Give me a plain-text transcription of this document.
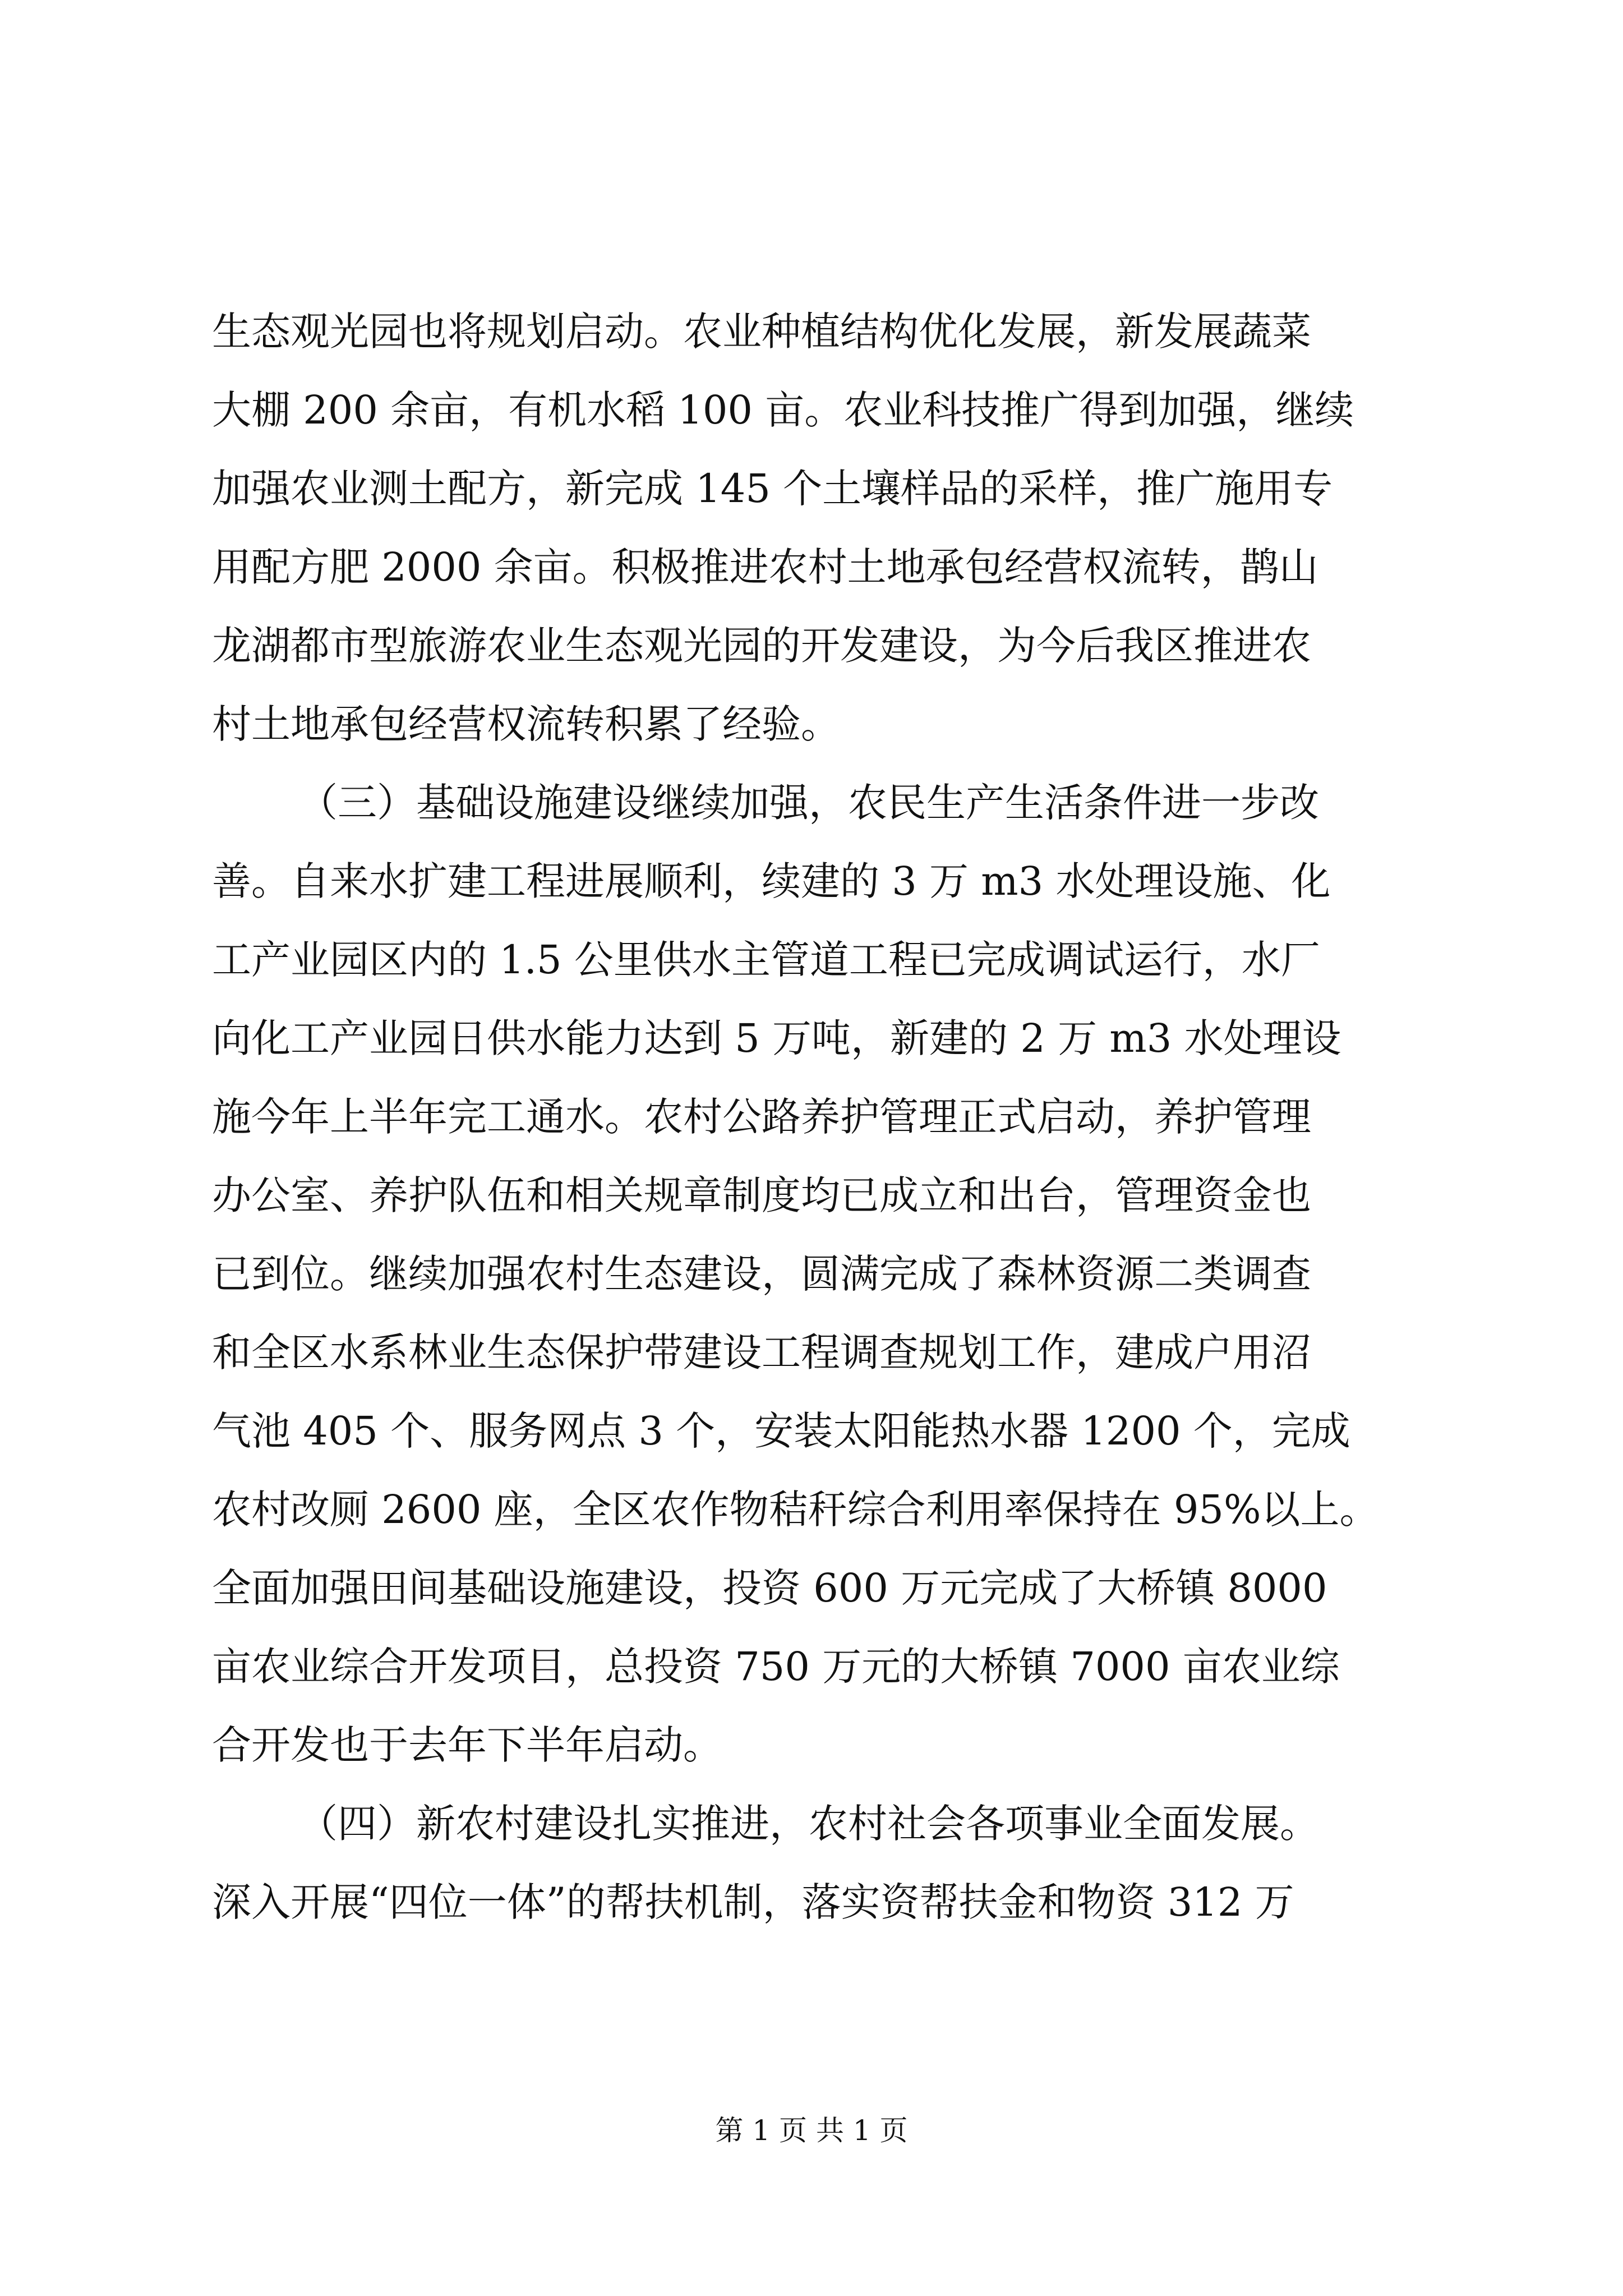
生态观光园也将规划启动。农业种植结构优化发展，新发展蔬菜
大棚 200 余亩，有机水稻 100 亩。农业科技推广得到加强，继续
加强农业测土配方，新完成 145 个土壤样品的采样，推广施用专
用配方肥 2000 余亩。积极推进农村土地承包经营权流转，鹊山
龙湖都市型旅游农业生态观光园的开发建设，为今后我区推进农
村土地承包经营权流转积累了经验。
（三）基础设施建设继续加强，农民生产生活条件进一步改
善。自来水扩建工程进展顺利，续建的 3 万 m3 水处理设施、化
工产业园区内的 1.5 公里供水主管道工程已完成调试运行，水厂
向化工产业园日供水能力达到 5 万吨，新建的 2 万 m3 水处理设
施今年上半年完工通水。农村公路养护管理正式启动，养护管理
办公室、养护队伍和相关规章制度均已成立和出台，管理资金也
已到位。继续加强农村生态建设，圆满完成了森林资源二类调查
和全区水系林业生态保护带建设工程调查规划工作，建成户用沼
气池 405 个、服务网点 3 个，安装太阳能热水器 1200 个，完成
农村改厕 2600 座，全区农作物秸秆综合利用率保持在 95%以上。
全面加强田间基础设施建设，投资 600 万元完成了大桥镇 8000
亩农业综合开发项目，总投资 750 万元的大桥镇 7000 亩农业综
合开发也于去年下半年启动。
（四）新农村建设扎实推进，农村社会各项事业全面发展。
深入开展“四位一体”的帮扶机制，落实资帮扶金和物资 312 万
第 1 页 共 1 页
